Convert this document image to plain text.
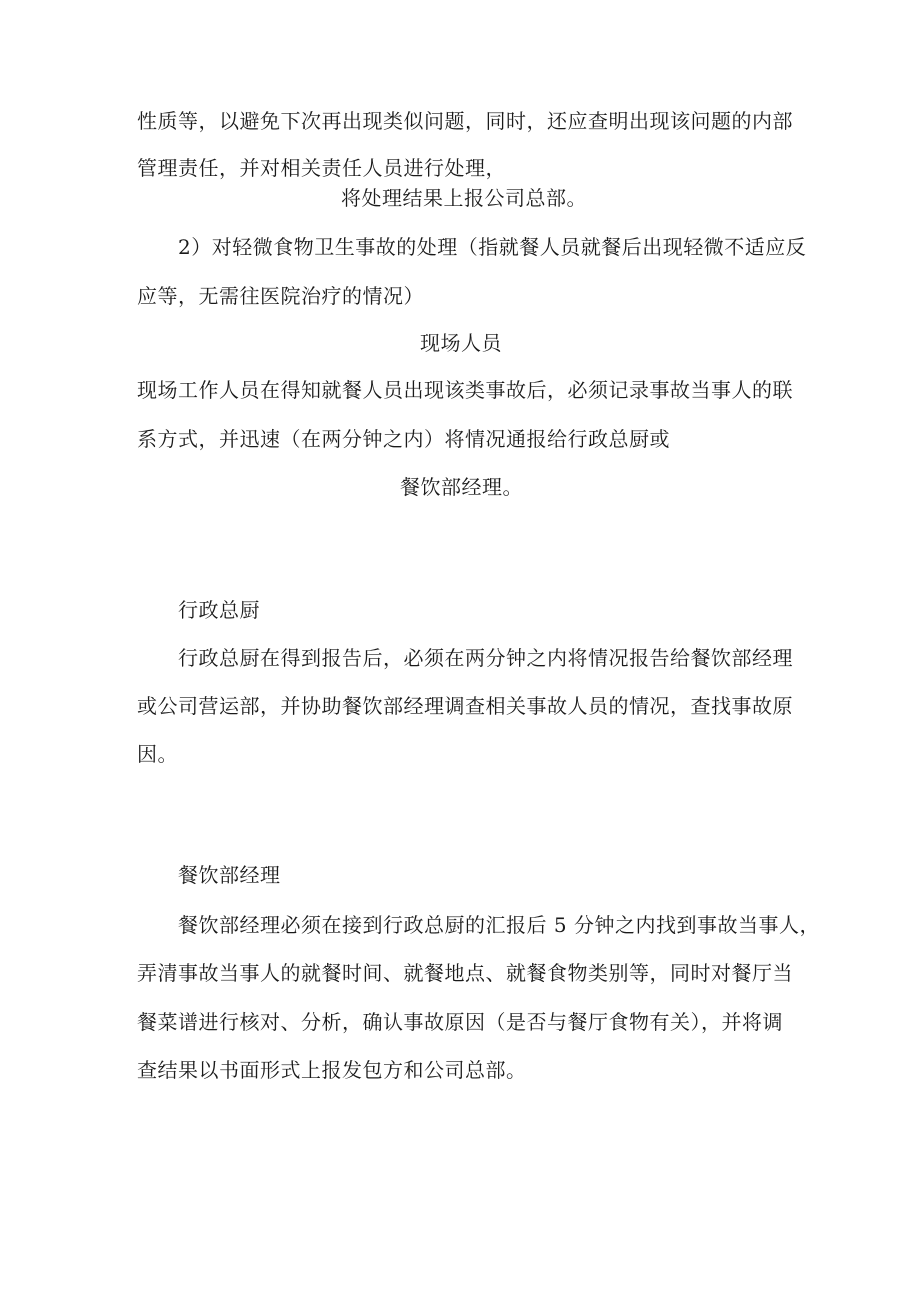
性质等，以避免下次再出现类似问题，同时，还应查明出现该问题的内部
管理责任，并对相关责任人员进行处理，
将处理结果上报公司总部。
2）对轻微食物卫生事故的处理（指就餐人员就餐后出现轻微不适应反
应等，无需往医院治疗的情况）
现场人员
现场工作人员在得知就餐人员出现该类事故后，必须记录事故当事人的联
系方式，并迅速（在两分钟之内）将情况通报给行政总厨或
餐饮部经理。
行政总厨
行政总厨在得到报告后，必须在两分钟之内将情况报告给餐饮部经理
或公司营运部，并协助餐饮部经理调查相关事故人员的情况，查找事故原
因。
餐饮部经理
餐饮部经理必须在接到行政总厨的汇报后 5 分钟之内找到事故当事人，
弄清事故当事人的就餐时间、就餐地点、就餐食物类别等，同时对餐厅当
餐菜谱进行核对、分析，确认事故原因（是否与餐厅食物有关），并将调
查结果以书面形式上报发包方和公司总部。
